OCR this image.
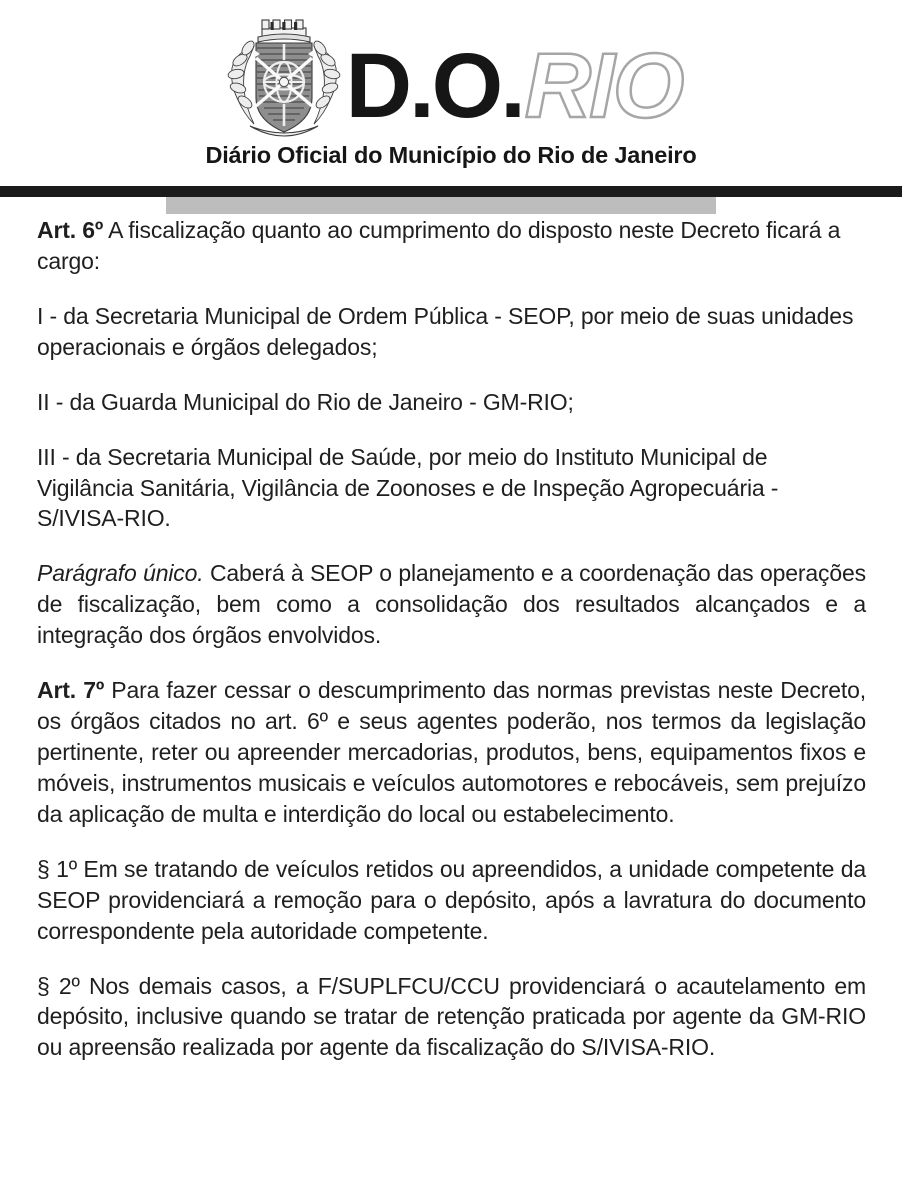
D.O. RIO
Diário Oficial do Município do Rio de Janeiro

Art. 6º A fiscalização quanto ao cumprimento do disposto neste Decreto ficará a cargo:

I - da Secretaria Municipal de Ordem Pública - SEOP, por meio de suas unidades operacionais e órgãos delegados;

II - da Guarda Municipal do Rio de Janeiro - GM-RIO;

III - da Secretaria Municipal de Saúde, por meio do Instituto Municipal de Vigilância Sanitária, Vigilância de Zoonoses e de Inspeção Agropecuária - S/IVISA-RIO.

Parágrafo único. Caberá à SEOP o planejamento e a coordenação das operações de fiscalização, bem como a consolidação dos resultados alcançados e a integração dos órgãos envolvidos.

Art. 7º Para fazer cessar o descumprimento das normas previstas neste Decreto, os órgãos citados no art. 6º e seus agentes poderão, nos termos da legislação pertinente, reter ou apreender mercadorias, produtos, bens, equipamentos fixos e móveis, instrumentos musicais e veículos automotores e rebocáveis, sem prejuízo da aplicação de multa e interdição do local ou estabelecimento.

§ 1º Em se tratando de veículos retidos ou apreendidos, a unidade competente da SEOP providenciará a remoção para o depósito, após a lavratura do documento correspondente pela autoridade competente.

§ 2º Nos demais casos, a F/SUPLFCU/CCU providenciará o acautelamento em depósito, inclusive quando se tratar de retenção praticada por agente da GM-RIO ou apreensão realizada por agente da fiscalização do S/IVISA-RIO.
